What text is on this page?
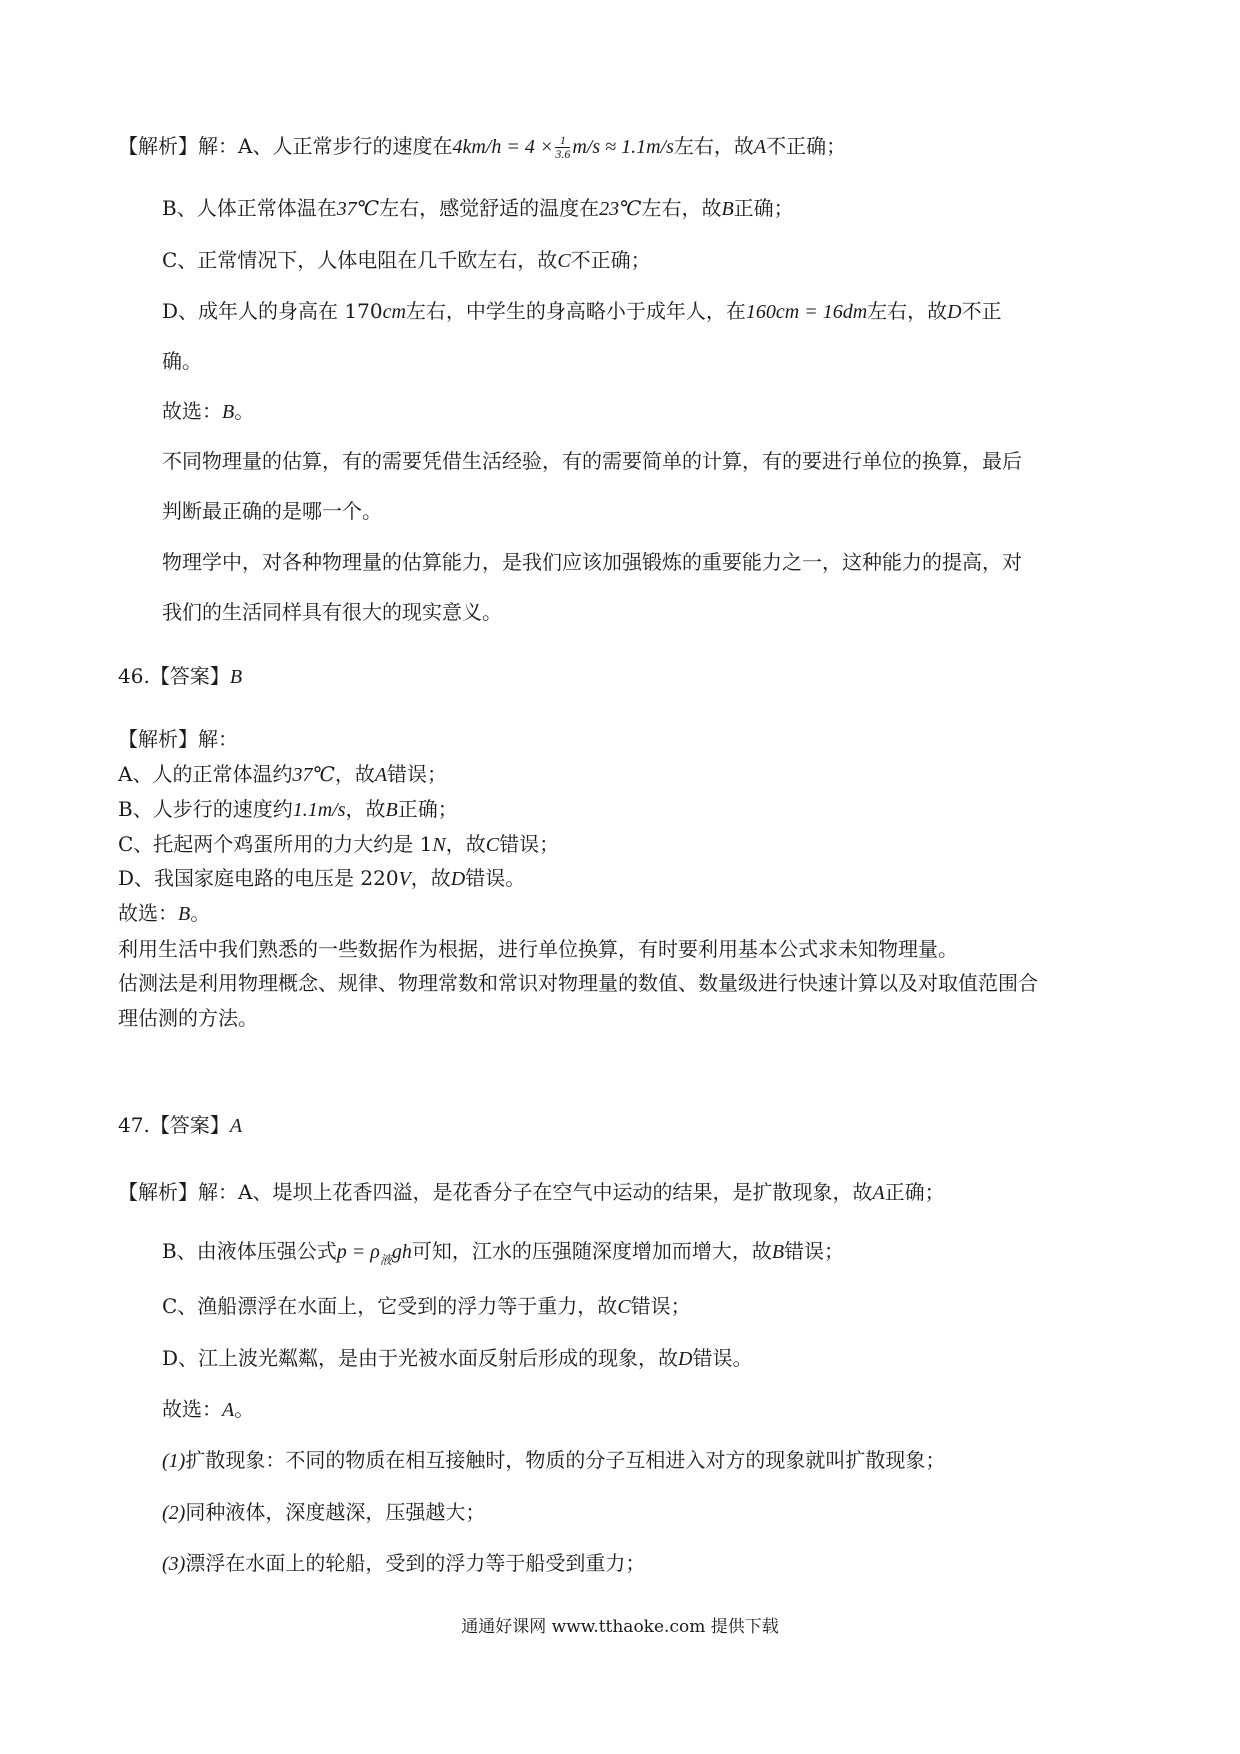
【解析】解：A、人正常步行的速度在$4km/h = 4 \times \frac{1}{3.6} m/s \approx 1.1m/s$左右，故A不正确；
B、人体正常体温在37℃左右，感觉舒适的温度在23℃左右，故B正确；
C、正常情况下，人体电阻在几千欧左右，故C不正确；
D、成年人的身高在 170cm左右，中学生的身高略小于成年人，在160cm = 16dm左右，故D不正
确。
故选：B。
不同物理量的估算，有的需要凭借生活经验，有的需要简单的计算，有的要进行单位的换算，最后
判断最正确的是哪一个。
物理学中，对各种物理量的估算能力，是我们应该加强锻炼的重要能力之一，这种能力的提高，对
我们的生活同样具有很大的现实意义。
46.【答案】B
【解析】解：
A、人的正常体温约37℃，故A错误；
B、人步行的速度约1.1m/s，故B正确；
C、托起两个鸡蛋所用的力大约是 1N，故C错误；
D、我国家庭电路的电压是 220V，故D错误。
故选：B。
利用生活中我们熟悉的一些数据作为根据，进行单位换算，有时要利用基本公式求未知物理量。
估测法是利用物理概念、规律、物理常数和常识对物理量的数值、数量级进行快速计算以及对取值范围合
理估测的方法。
47.【答案】A
【解析】解：A、堤坝上花香四溢，是花香分子在空气中运动的结果，是扩散现象，故A正确；
B、由液体压强公式$p = \rho_液gh$可知，江水的压强随深度增加而增大，故B错误；
C、渔船漂浮在水面上，它受到的浮力等于重力，故C错误；
D、江上波光粼粼，是由于光被水面反射后形成的现象，故D错误。
故选：A。
(1)扩散现象：不同的物质在相互接触时，物质的分子互相进入对方的现象就叫扩散现象；
(2)同种液体，深度越深，压强越大；
(3)漂浮在水面上的轮船，受到的浮力等于船受到重力；
通通好课网 www.tthaoke.com 提供下载
